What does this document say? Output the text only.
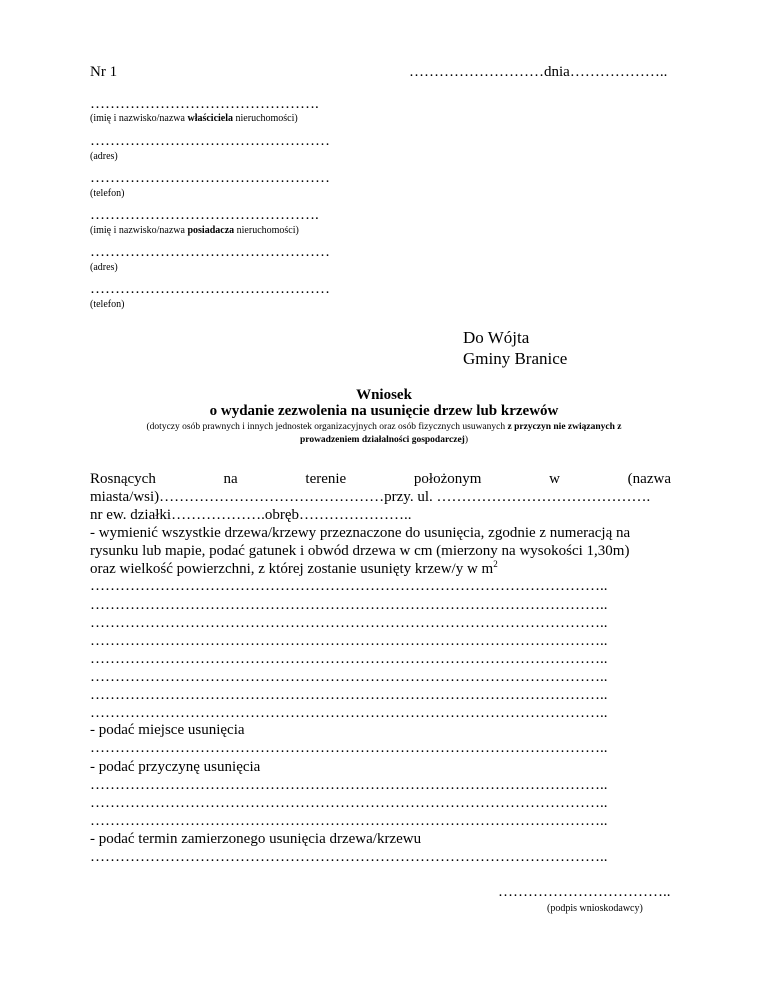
Nr 1	………………………dnia………………..
……………………………………….
(imię i nazwisko/nazwa właściciela nieruchomości)
…………………………………………
(adres)
…………………………………………
(telefon)
……………………………………….
(imię i nazwisko/nazwa posiadacza nieruchomości)
…………………………………………
(adres)
…………………………………………
(telefon)
Do Wójta
Gminy Branice
Wniosek
o wydanie zezwolenia na usunięcie drzew lub krzewów
(dotyczy osób prawnych i innych jednostek organizacyjnych oraz osób fizycznych usuwanych z przyczyn nie związanych z
prowadzeniem działalności gospodarczej)
Rosnących	na	terenie	położonym	w	(nazwa
miasta/wsi)………………………………………przy. ul. …………………………………….
nr ew. działki……………….obręb…………………..
- wymienić wszystkie drzewa/krzewy przeznaczone do usunięcia, zgodnie z numeracją na
rysunku lub mapie, podać gatunek i obwód drzewa w cm (mierzony na wysokości 1,30m)
oraz wielkość powierzchni, z której zostanie usunięty krzew/y w $m^2$
…………………………………………………………………………………………..
…………………………………………………………………………………………..
…………………………………………………………………………………………..
…………………………………………………………………………………………..
…………………………………………………………………………………………..
…………………………………………………………………………………………..
…………………………………………………………………………………………..
…………………………………………………………………………………………..
- podać miejsce usunięcia
…………………………………………………………………………………………..
- podać przyczynę usunięcia
…………………………………………………………………………………………..
…………………………………………………………………………………………..
…………………………………………………………………………………………..
- podać termin zamierzonego usunięcia drzewa/krzewu
…………………………………………………………………………………………..
……………………………..
(podpis wnioskodawcy)
